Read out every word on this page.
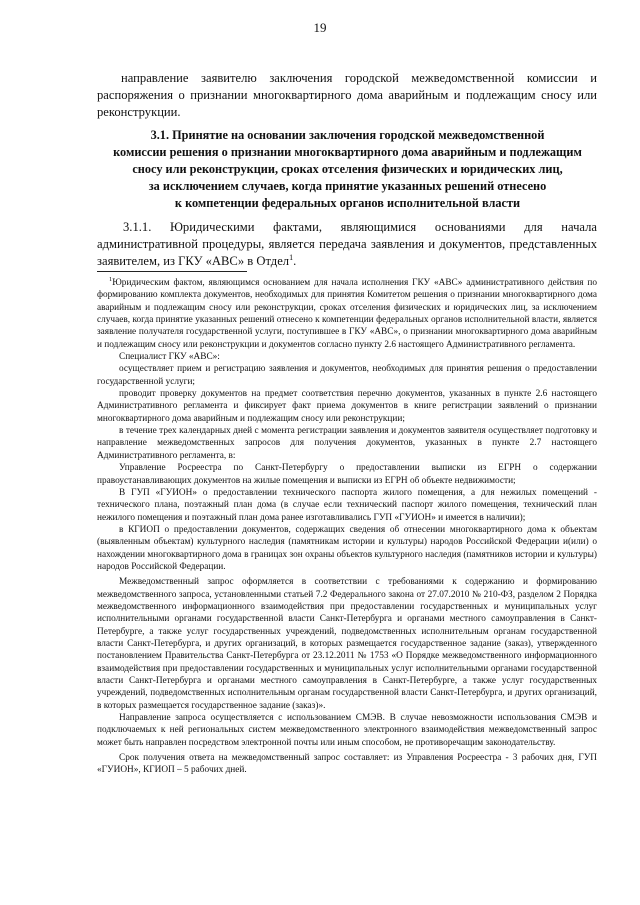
19

направление заявителю заключения городской межведомственной комиссии и распоряжения о признании многоквартирного дома аварийным и подлежащим сносу или реконструкции.

3.1. Принятие на основании заключения городской межведомственной
комиссии решения о признании многоквартирного дома аварийным и подлежащим
сносу или реконструкции, сроках отселения физических и юридических лиц,
за исключением случаев, когда принятие указанных решений отнесено
к компетенции федеральных органов исполнительной власти

3.1.1. Юридическими фактами, являющимися основаниями для начала административной процедуры, является передача заявления и документов, представленных заявителем, из ГКУ «АВС» в Отдел$^1$.

$^1$Юридическим фактом, являющимся основанием для начала исполнения ГКУ «АВС» административного действия по формированию комплекта документов, необходимых для принятия Комитетом решения о признании многоквартирного дома аварийным и подлежащим сносу или реконструкции, сроках отселения физических и юридических лиц, за исключением случаев, когда принятие указанных решений отнесено к компетенции федеральных органов исполнительной власти, является заявление получателя государственной услуги, поступившее в ГКУ «АВС», о признании многоквартирного дома аварийным и подлежащим сносу или реконструкции и документов согласно пункту 2.6 настоящего Административного регламента.

Специалист ГКУ «АВС»:

осуществляет прием и регистрацию заявления и документов, необходимых для принятия решения о предоставлении государственной услуги;

проводит проверку документов на предмет соответствия перечню документов, указанных в пункте 2.6 настоящего Административного регламента и фиксирует факт приема документов в книге регистрации заявлений о признании многоквартирного дома аварийным и подлежащим сносу или реконструкции;

в течение трех календарных дней с момента регистрации заявления и документов заявителя осуществляет подготовку и направление межведомственных запросов для получения документов, указанных в пункте 2.7 настоящего Административного регламента, в:

Управление Росреестра по Санкт-Петербургу о предоставлении выписки из ЕГРН о содержании правоустанавливающих документов на жилые помещения и выписки из ЕГРН об объекте недвижимости;

В ГУП «ГУИОН» о предоставлении технического паспорта жилого помещения, а для нежилых помещений - технического плана, поэтажный план дома (в случае если технический паспорт жилого помещения, технический план нежилого помещения и поэтажный план дома ранее изготавливались ГУП «ГУИОН» и имеется в наличии);

в КГИОП о предоставлении документов, содержащих сведения об отнесении многоквартирного дома к объектам (выявленным объектам) культурного наследия (памятникам истории и культуры) народов Российской Федерации и(или) о нахождении многоквартирного дома в границах зон охраны объектов культурного наследия (памятников истории и культуры) народов Российской Федерации.

Межведомственный запрос оформляется в соответствии с требованиями к содержанию и формированию межведомственного запроса, установленными статьей 7.2 Федерального закона от 27.07.2010 № 210-ФЗ, разделом 2 Порядка межведомственного информационного взаимодействия при предоставлении государственных и муниципальных услуг исполнительными органами государственной власти Санкт-Петербурга и органами местного самоуправления в Санкт-Петербурге, а также услуг государственных учреждений, подведомственных исполнительным органам государственной власти Санкт-Петербурга, и других организаций, в которых размещается государственное задание (заказ), утвержденного постановлением Правительства Санкт-Петербурга от 23.12.2011 № 1753 «О Порядке межведомственного информационного взаимодействия при предоставлении государственных и муниципальных услуг исполнительными органами государственной власти Санкт-Петербурга и органами местного самоуправления в Санкт-Петербурге, а также услуг государственных учреждений, подведомственных исполнительным органам государственной власти Санкт-Петербурга, и других организаций, в которых размещается государственное задание (заказ)».

Направление запроса осуществляется с использованием СМЭВ. В случае невозможности использования СМЭВ и подключаемых к ней региональных систем межведомственного электронного взаимодействия межведомственный запрос может быть направлен посредством электронной почты или иным способом, не противоречащим законодательству.

Срок получения ответа на межведомственный запрос составляет: из Управления Росреестра - 3 рабочих дня, ГУП «ГУИОН», КГИОП – 5 рабочих дней.
